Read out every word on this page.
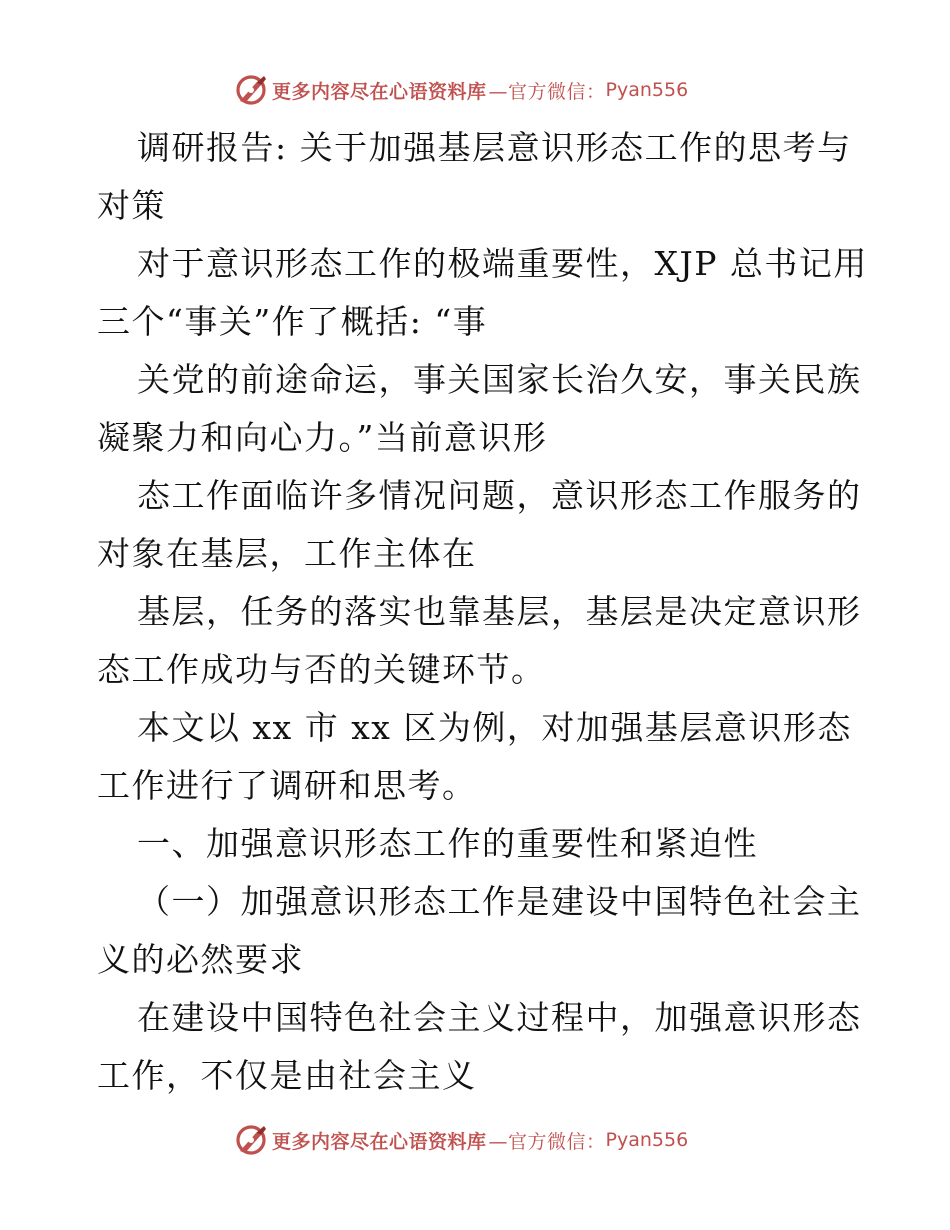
更多内容尽在心语资料库 —官方微信： Pyan556
调研报告: 关于加强基层意识形态工作的思考与
对策
对于意识形态工作的极端重要性，XJP 总书记用
三个“事关”作了概括: “事
关党的前途命运，事关国家长治久安，事关民族
凝聚力和向心力。”当前意识形
态工作面临许多情况问题，意识形态工作服务的
对象在基层，工作主体在
基层，任务的落实也靠基层，基层是决定意识形
态工作成功与否的关键环节。
本文以 xx 市 xx 区为例，对加强基层意识形态
工作进行了调研和思考。
一、加强意识形态工作的重要性和紧迫性
（一）加强意识形态工作是建设中国特色社会主
义的必然要求
在建设中国特色社会主义过程中，加强意识形态
工作，不仅是由社会主义
更多内容尽在心语资料库 —官方微信： Pyan556
